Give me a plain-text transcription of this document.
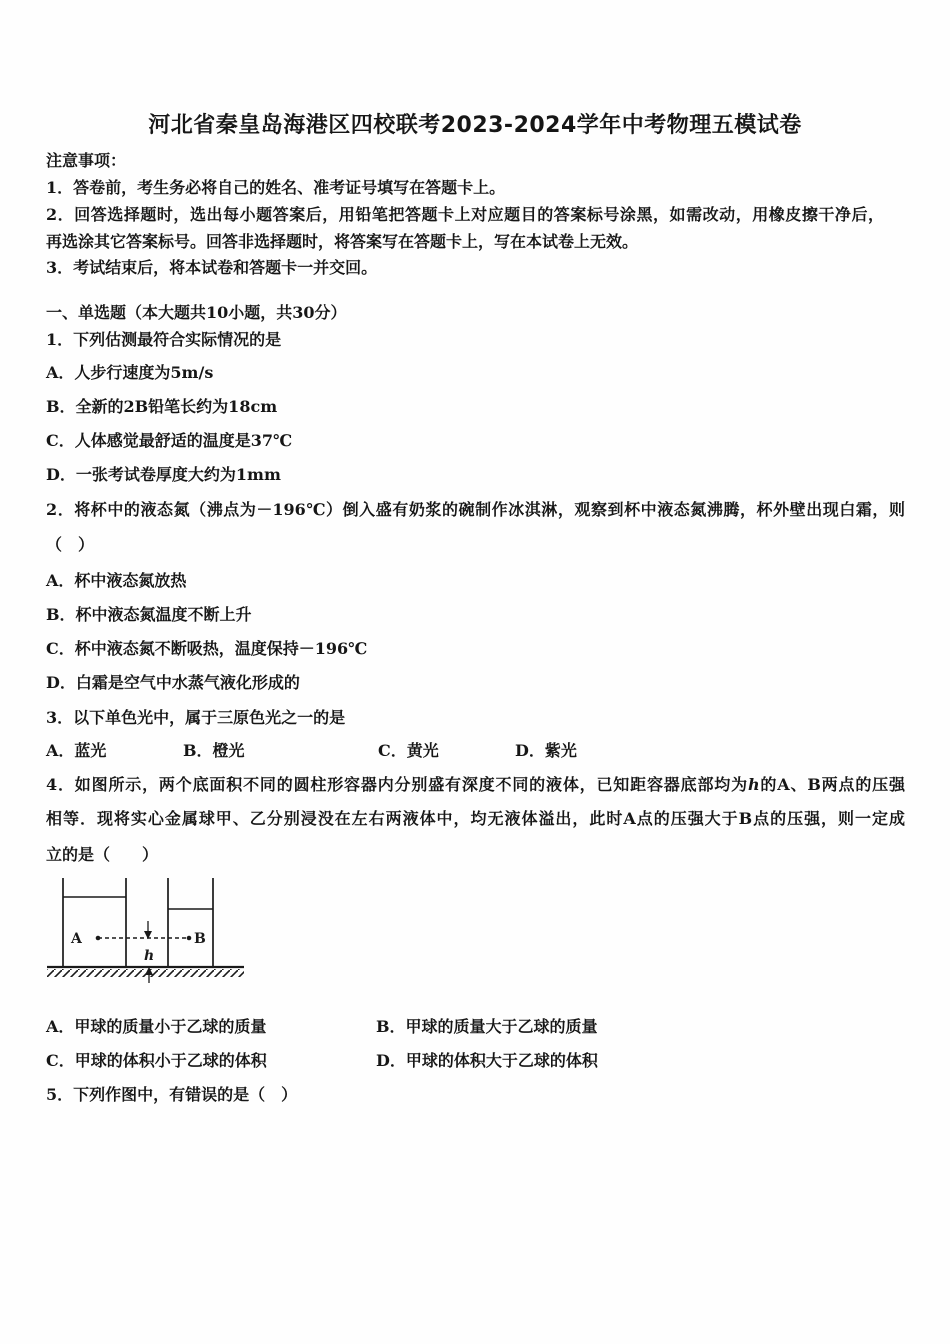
河北省秦皇岛海港区四校联考2023-2024学年中考物理五模试卷
注意事项：
1．答卷前，考生务必将自己的姓名、准考证号填写在答题卡上。
2．回答选择题时，选出每小题答案后，用铅笔把答题卡上对应题目的答案标号涂黑，如需改动，用橡皮擦干净后，
再选涂其它答案标号。回答非选择题时，将答案写在答题卡上，写在本试卷上无效。
3．考试结束后，将本试卷和答题卡一并交回。
一、单选题（本大题共10小题，共30分）
1．下列估测最符合实际情况的是
A．人步行速度为5m/s
B．全新的2B铅笔长约为18cm
C．人体感觉最舒适的温度是37℃
D．一张考试卷厚度大约为1mm
2．将杯中的液态氮（沸点为－196℃）倒入盛有奶浆的碗制作冰淇淋，观察到杯中液态氮沸腾，杯外壁出现白霜，则
（　）
A．杯中液态氮放热
B．杯中液态氮温度不断上升
C．杯中液态氮不断吸热，温度保持－196℃
D．白霜是空气中水蒸气液化形成的
3．以下单色光中，属于三原色光之一的是
A．蓝光	B．橙光	C．黄光	D．紫光
4．如图所示，两个底面积不同的圆柱形容器内分别盛有深度不同的液体，已知距容器底部均为h的A、B两点的压强
相等．现将实心金属球甲、乙分别浸没在左右两液体中，均无液体溢出，此时A点的压强大于B点的压强，则一定成
立的是（　　）
A	B
h
A．甲球的质量小于乙球的质量	B．甲球的质量大于乙球的质量
C．甲球的体积小于乙球的体积	D．甲球的体积大于乙球的体积
5．下列作图中，有错误的是（　）
